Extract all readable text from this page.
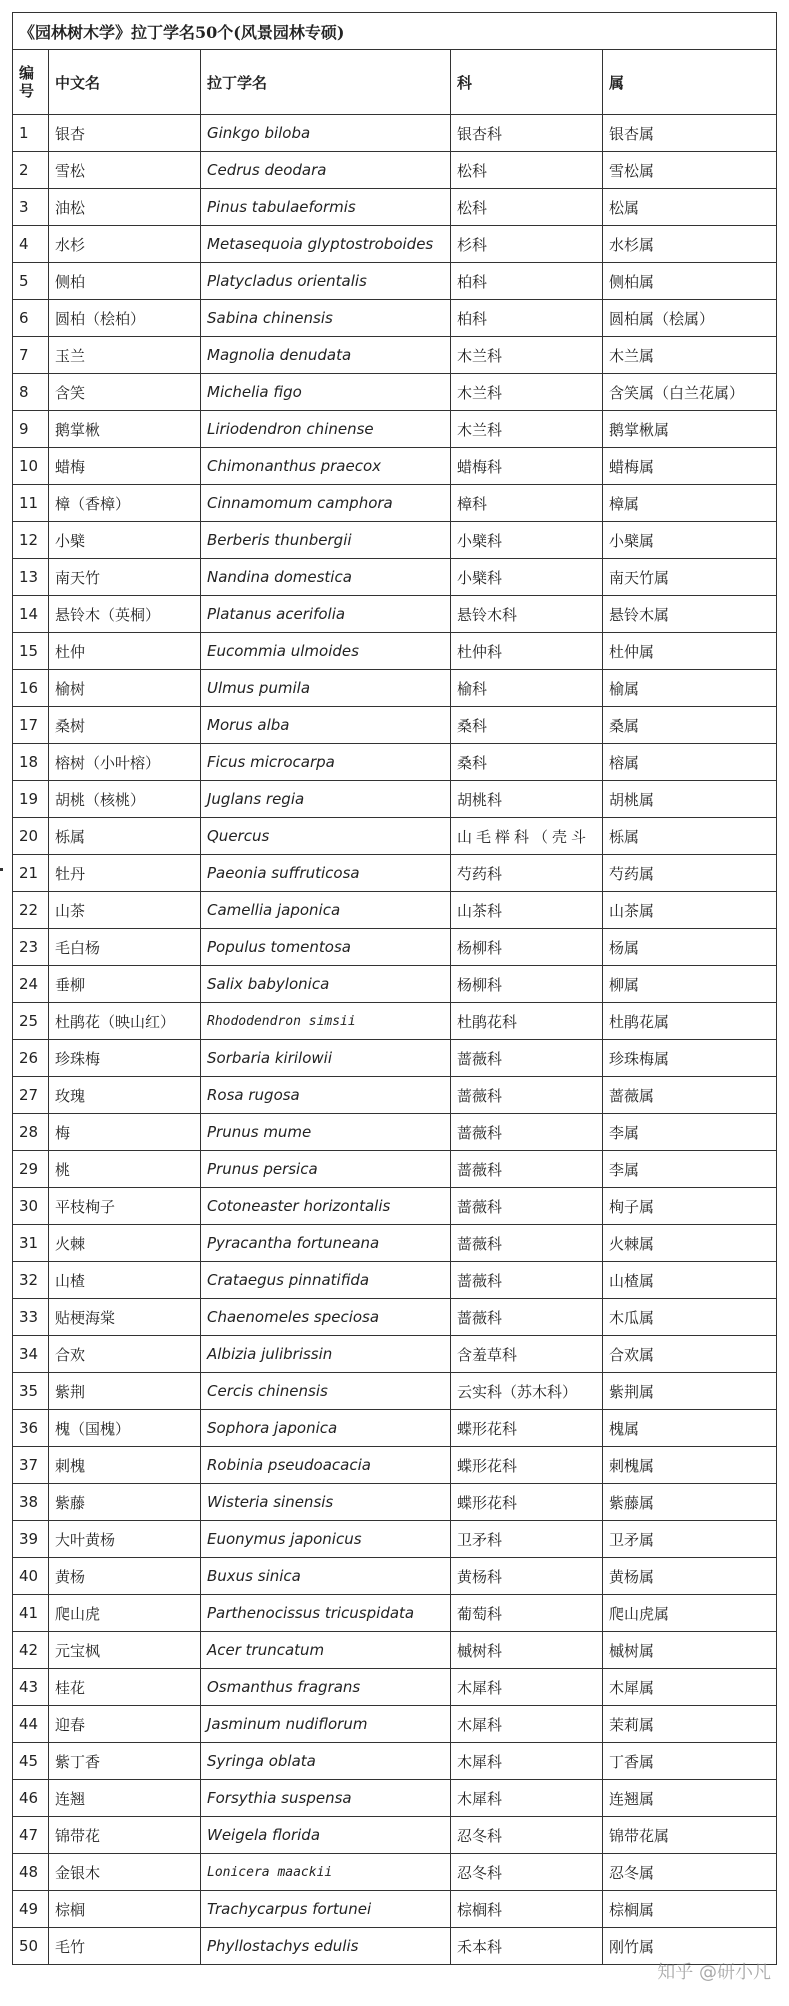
《园林树木学》拉丁学名50个(风景园林专硕)				
编号	中文名	拉丁学名	科	属
1	银杏	Ginkgo biloba	银杏科	银杏属
2	雪松	Cedrus deodara	松科	雪松属
3	油松	Pinus tabulaeformis	松科	松属
4	水杉	Metasequoia glyptostroboides	杉科	水杉属
5	侧柏	Platycladus orientalis	柏科	侧柏属
6	圆柏（桧柏）	Sabina chinensis	柏科	圆柏属（桧属）
7	玉兰	Magnolia denudata	木兰科	木兰属
8	含笑	Michelia figo	木兰科	含笑属（白兰花属）
9	鹅掌楸	Liriodendron chinense	木兰科	鹅掌楸属
10	蜡梅	Chimonanthus praecox	蜡梅科	蜡梅属
11	樟（香樟）	Cinnamomum camphora	樟科	樟属
12	小檗	Berberis thunbergii	小檗科	小檗属
13	南天竹	Nandina domestica	小檗科	南天竹属
14	悬铃木（英桐）	Platanus acerifolia	悬铃木科	悬铃木属
15	杜仲	Eucommia ulmoides	杜仲科	杜仲属
16	榆树	Ulmus pumila	榆科	榆属
17	桑树	Morus alba	桑科	桑属
18	榕树（小叶榕）	Ficus microcarpa	桑科	榕属
19	胡桃（核桃）	Juglans regia	胡桃科	胡桃属
20	栎属	Quercus	山毛榉科（壳斗	栎属
21	牡丹	Paeonia suffruticosa	芍药科	芍药属
22	山茶	Camellia japonica	山茶科	山茶属
23	毛白杨	Populus tomentosa	杨柳科	杨属
24	垂柳	Salix babylonica	杨柳科	柳属
25	杜鹃花（映山红）	Rhododendron simsii	杜鹃花科	杜鹃花属
26	珍珠梅	Sorbaria kirilowii	蔷薇科	珍珠梅属
27	玫瑰	Rosa rugosa	蔷薇科	蔷薇属
28	梅	Prunus mume	蔷薇科	李属
29	桃	Prunus persica	蔷薇科	李属
30	平枝栒子	Cotoneaster horizontalis	蔷薇科	栒子属
31	火棘	Pyracantha fortuneana	蔷薇科	火棘属
32	山楂	Crataegus pinnatifida	蔷薇科	山楂属
33	贴梗海棠	Chaenomeles speciosa	蔷薇科	木瓜属
34	合欢	Albizia julibrissin	含羞草科	合欢属
35	紫荆	Cercis chinensis	云实科（苏木科）	紫荆属
36	槐（国槐）	Sophora japonica	蝶形花科	槐属
37	刺槐	Robinia pseudoacacia	蝶形花科	刺槐属
38	紫藤	Wisteria sinensis	蝶形花科	紫藤属
39	大叶黄杨	Euonymus japonicus	卫矛科	卫矛属
40	黄杨	Buxus sinica	黄杨科	黄杨属
41	爬山虎	Parthenocissus tricuspidata	葡萄科	爬山虎属
42	元宝枫	Acer truncatum	槭树科	槭树属
43	桂花	Osmanthus fragrans	木犀科	木犀属
44	迎春	Jasminum nudiflorum	木犀科	茉莉属
45	紫丁香	Syringa oblata	木犀科	丁香属
46	连翘	Forsythia suspensa	木犀科	连翘属
47	锦带花	Weigela florida	忍冬科	锦带花属
48	金银木	Lonicera maackii	忍冬科	忍冬属
49	棕榈	Trachycarpus fortunei	棕榈科	棕榈属
50	毛竹	Phyllostachys edulis	禾本科	刚竹属
知乎 @研小凡
